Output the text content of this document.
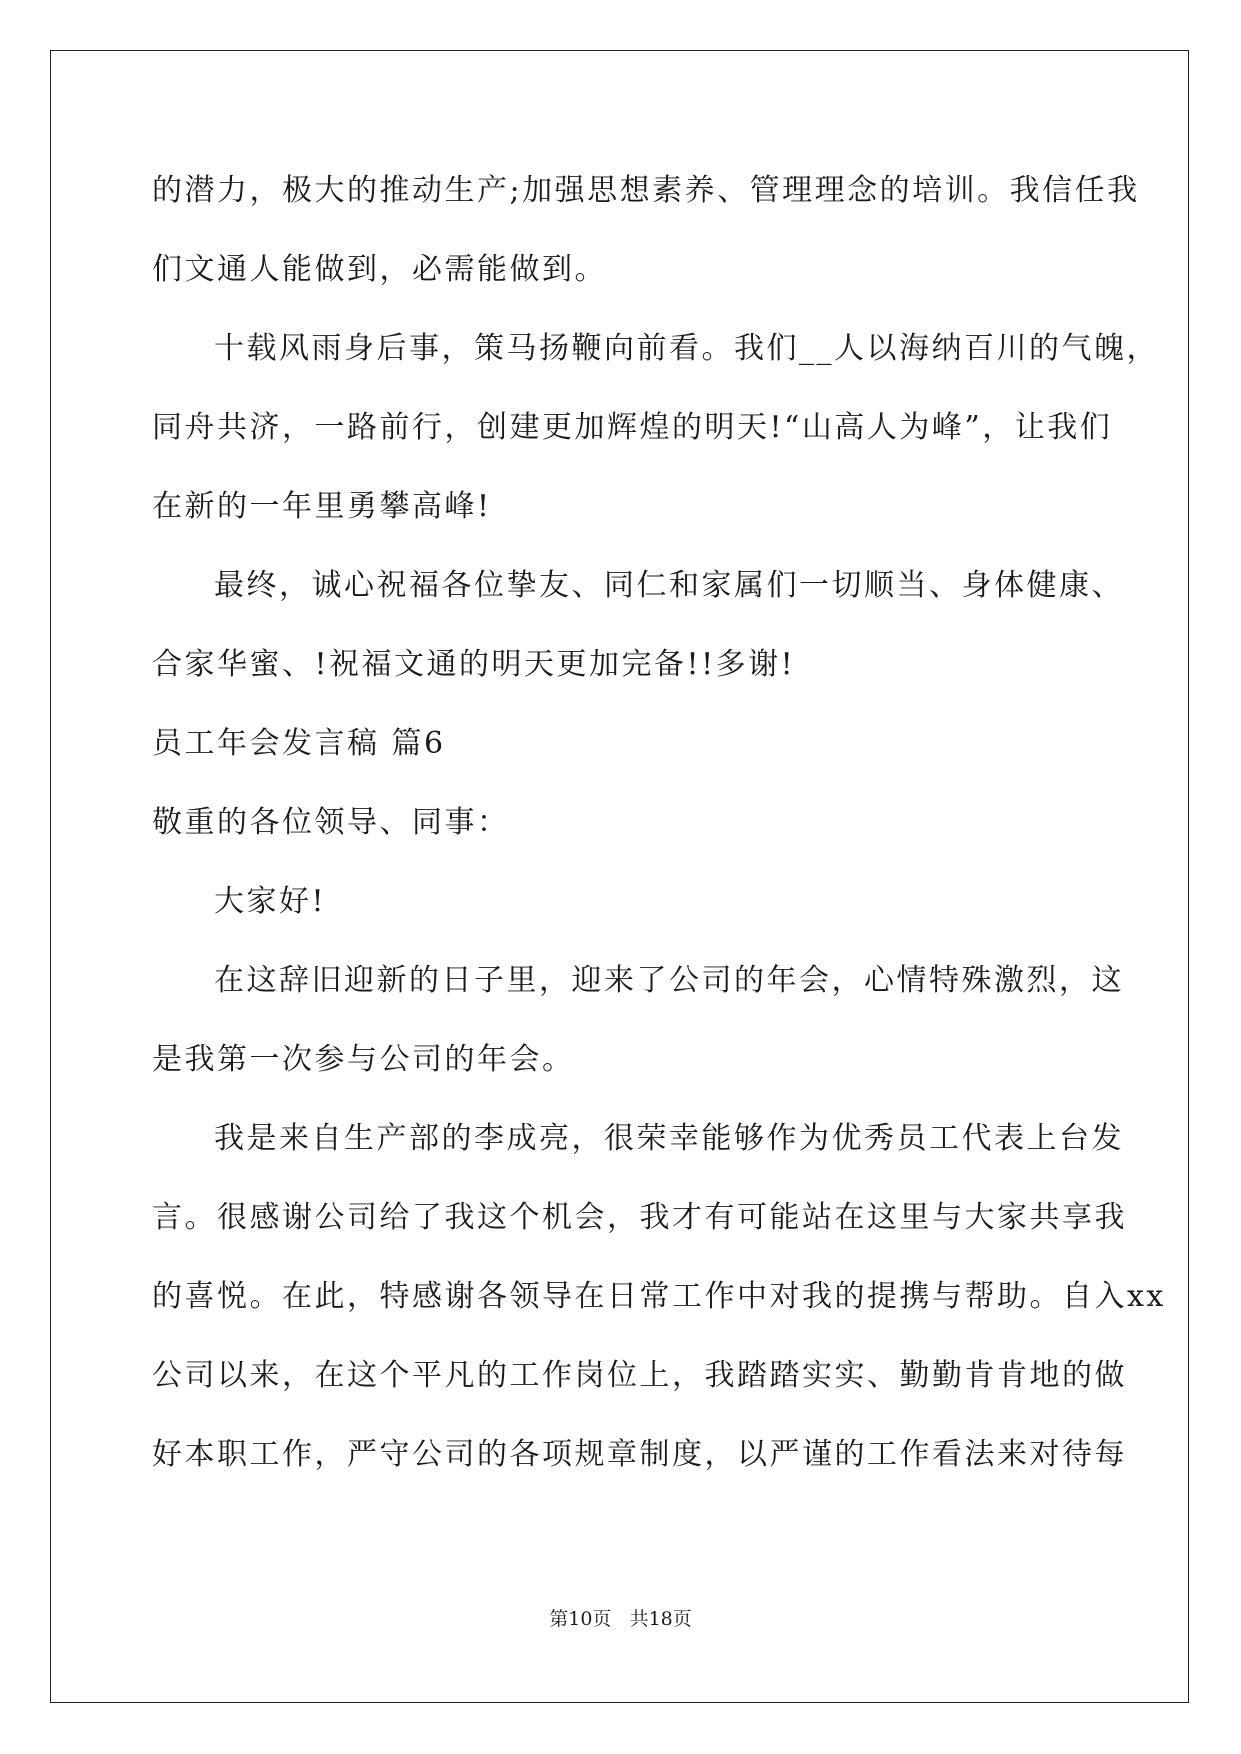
的潜力，极大的推动生产;加强思想素养、管理理念的培训。我信任我
们文通人能做到，必需能做到。
十载风雨身后事，策马扬鞭向前看。我们__人以海纳百川的气魄，
同舟共济，一路前行，创建更加辉煌的明天!“山高人为峰”，让我们
在新的一年里勇攀高峰!
最终，诚心祝福各位挚友、同仁和家属们一切顺当、身体健康、
合家华蜜、!祝福文通的明天更加完备!!多谢!
员工年会发言稿 篇6
敬重的各位领导、同事：
大家好!
在这辞旧迎新的日子里，迎来了公司的年会，心情特殊激烈，这
是我第一次参与公司的年会。
我是来自生产部的李成亮，很荣幸能够作为优秀员工代表上台发
言。很感谢公司给了我这个机会，我才有可能站在这里与大家共享我
的喜悦。在此，特感谢各领导在日常工作中对我的提携与帮助。自入xx
公司以来，在这个平凡的工作岗位上，我踏踏实实、勤勤肯肯地的做
好本职工作，严守公司的各项规章制度，以严谨的工作看法来对待每
第10页 共18页
